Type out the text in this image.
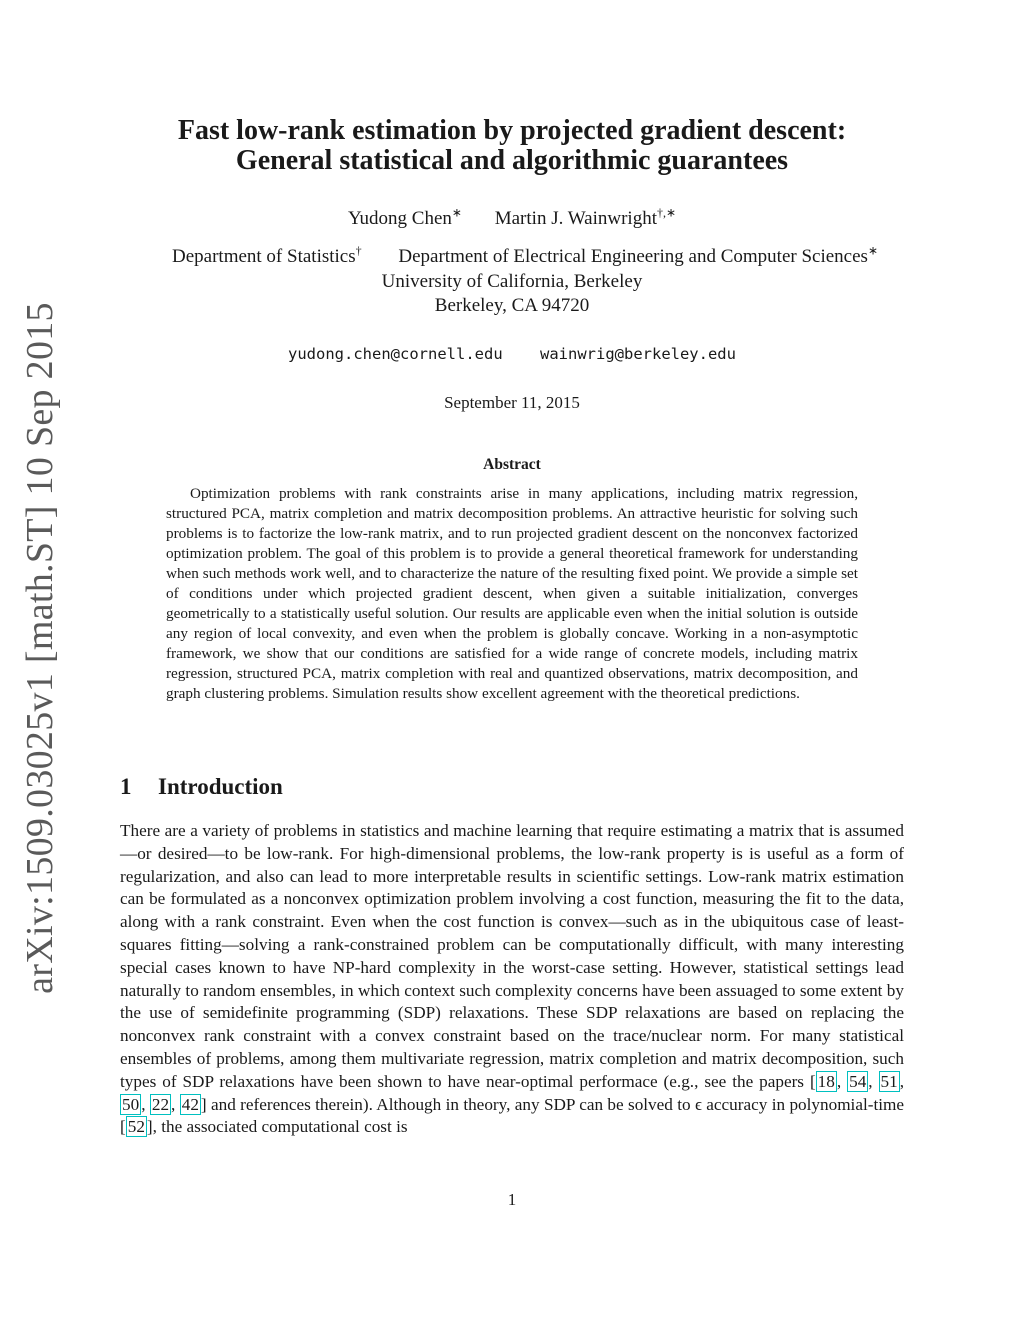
arXiv:1509.03025v1 [math.ST] 10 Sep 2015
Fast low-rank estimation by projected gradient descent:
General statistical and algorithmic guarantees
Yudong Chen∗ Martin J. Wainwright†,∗
Department of Statistics† Department of Electrical Engineering and Computer Sciences∗
University of California, Berkeley
Berkeley, CA 94720
yudong.chen@cornell.edu wainwrig@berkeley.edu
September 11, 2015
Abstract

Optimization problems with rank constraints arise in many applications, including matrix regression, structured PCA, matrix completion and matrix decomposition problems. An attractive heuristic for solving such problems is to factorize the low-rank matrix, and to run projected gradient descent on the nonconvex factorized optimization problem. The goal of this problem is to provide a general theoretical framework for understanding when such methods work well, and to characterize the nature of the resulting fixed point. We provide a simple set of conditions under which projected gradient descent, when given a suitable initialization, converges geometrically to a statistically useful solution. Our results are applicable even when the initial solution is outside any region of local convexity, and even when the problem is globally concave. Working in a non-asymptotic framework, we show that our conditions are satisfied for a wide range of concrete models, including matrix regression, structured PCA, matrix completion with real and quantized observations, matrix decomposition, and graph clustering problems. Simulation results show excellent agreement with the theoretical predictions.

1 Introduction

There are a variety of problems in statistics and machine learning that require estimating a matrix that is assumed—or desired—to be low-rank. For high-dimensional problems, the low-rank property is is useful as a form of regularization, and also can lead to more interpretable results in scientific settings. Low-rank matrix estimation can be formulated as a nonconvex optimization problem involving a cost function, measuring the fit to the data, along with a rank constraint. Even when the cost function is convex—such as in the ubiquitous case of least-squares fitting—solving a rank-constrained problem can be computationally difficult, with many interesting special cases known to have NP-hard complexity in the worst-case setting. However, statistical settings lead naturally to random ensembles, in which context such complexity concerns have been assuaged to some extent by the use of semidefinite programming (SDP) relaxations. These SDP relaxations are based on replacing the nonconvex rank constraint with a convex constraint based on the trace/nuclear norm. For many statistical ensembles of problems, among them multivariate regression, matrix completion and matrix decomposition, such types of SDP relaxations have been shown to have near-optimal performace (e.g., see the papers [ 18 , 54 , 51 , 50 , 22 , 42 ] and references therein). Although in theory, any SDP can be solved to ϵ accuracy in polynomial-time [ 52 ], the associated computational cost is

1
